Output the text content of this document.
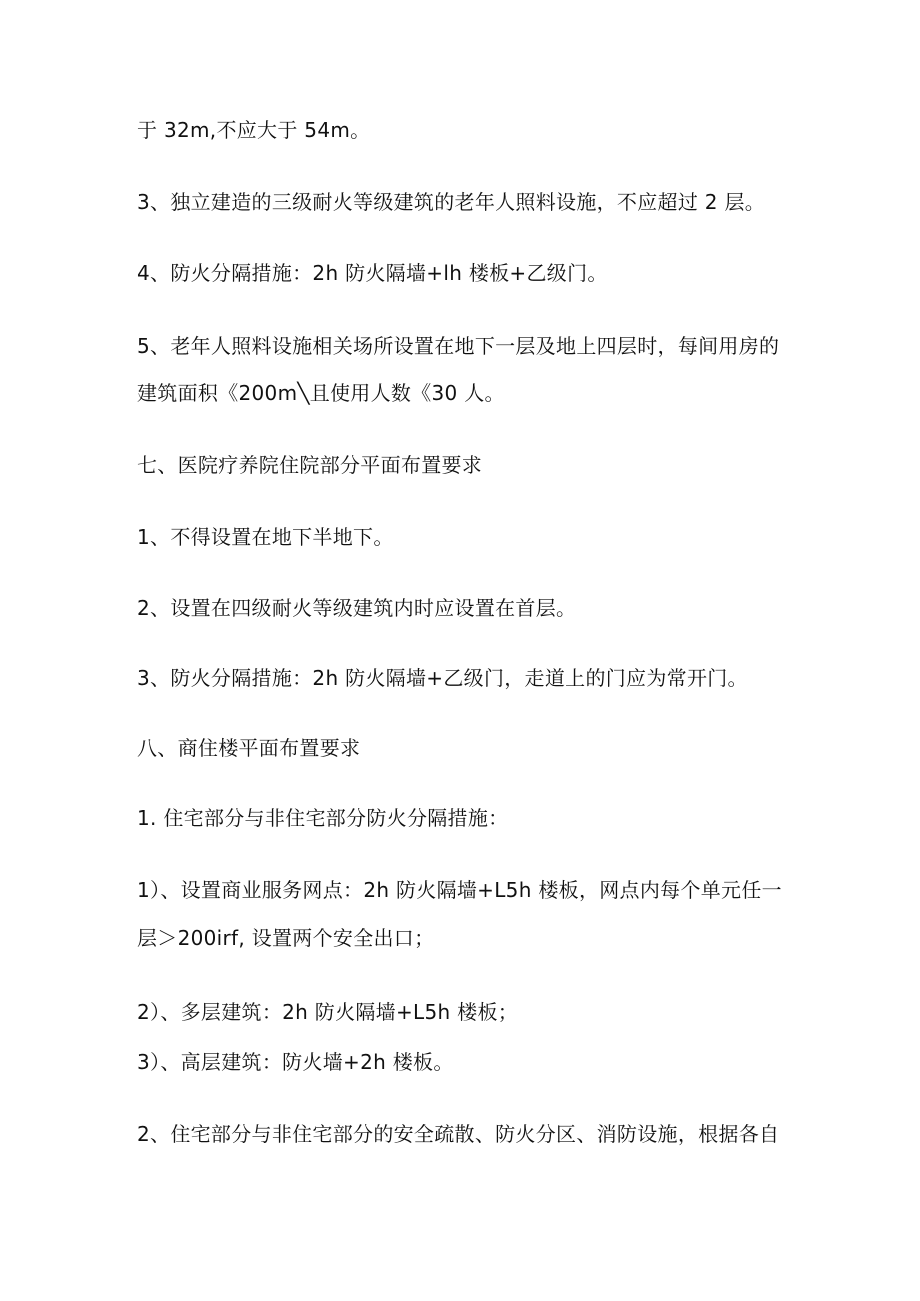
于 32m,不应大于 54m。
3、独立建造的三级耐火等级建筑的老年人照料设施，不应超过 2 层。
4、防火分隔措施：2h 防火隔墙+lh 楼板+乙级门。
5、老年人照料设施相关场所设置在地下一层及地上四层时，每间用房的
建筑面积《200m╲且使用人数《30 人。
七、医院疗养院住院部分平面布置要求
1、不得设置在地下半地下。
2、设置在四级耐火等级建筑内时应设置在首层。
3、防火分隔措施：2h 防火隔墙+乙级门，走道上的门应为常开门。
八、商住楼平面布置要求
1. 住宅部分与非住宅部分防火分隔措施：
1）、设置商业服务网点：2h 防火隔墙+L5h 楼板，网点内每个单元任一
层＞200irf, 设置两个安全出口；
2）、多层建筑：2h 防火隔墙+L5h 楼板；
3）、高层建筑：防火墙+2h 楼板。
2、住宅部分与非住宅部分的安全疏散、防火分区、消防设施，根据各自
